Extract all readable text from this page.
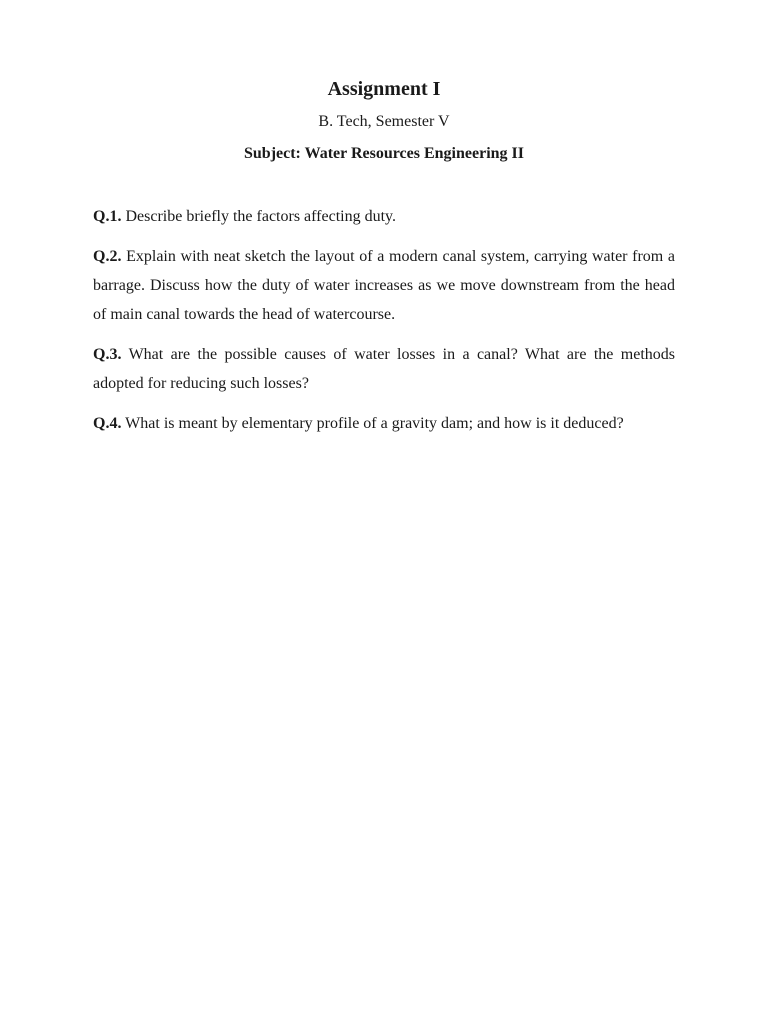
Assignment I

B. Tech, Semester V

Subject: Water Resources Engineering II

Q.1. Describe briefly the factors affecting duty.

Q.2. Explain with neat sketch the layout of a modern canal system, carrying water from a barrage. Discuss how the duty of water increases as we move downstream from the head of main canal towards the head of watercourse.

Q.3. What are the possible causes of water losses in a canal? What are the methods adopted for reducing such losses?

Q.4. What is meant by elementary profile of a gravity dam; and how is it deduced?
